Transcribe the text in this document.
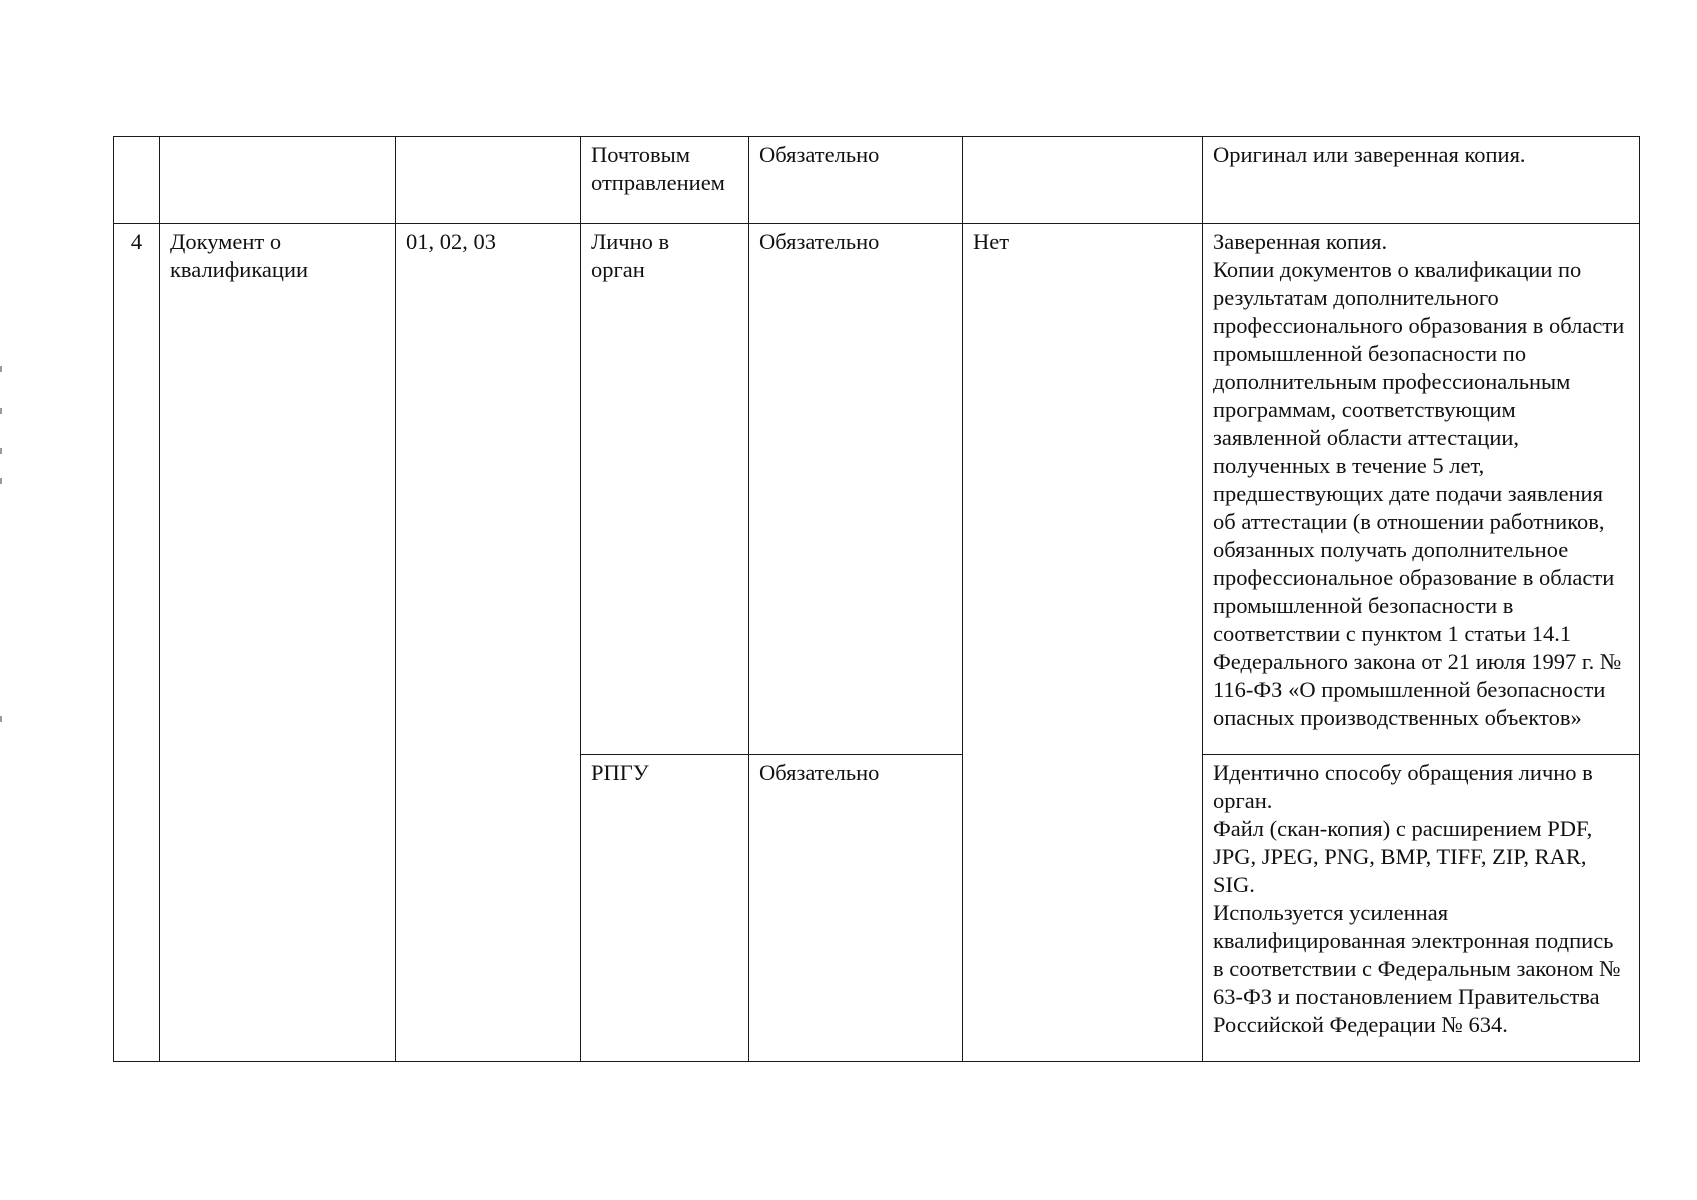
			Почтовым
отправлением	Обязательно		Оригинал или заверенная копия.
4	Документ о
квалификации	01, 02, 03	Лично в
орган	Обязательно	Нет	Заверенная копия.
Копии документов о квалификации по результатам дополнительного профессионального образования в области промышленной безопасности по дополнительным профессиональным программам, соответствующим заявленной области аттестации, полученных в течение 5 лет, предшествующих дате подачи заявления об аттестации (в отношении работников, обязанных получать дополнительное профессиональное образование в области промышленной безопасности в соответствии с пунктом 1 статьи 14.1 Федерального закона от 21 июля 1997 г. № 116-ФЗ «О промышленной безопасности опасных производственных объектов»
			РПГУ	Обязательно		Идентично способу обращения лично в орган.
Файл (скан-копия) с расширением PDF, JPG, JPEG, PNG, BMP, TIFF, ZIP, RAR, SIG.
Используется усиленная квалифицированная электронная подпись в соответствии с Федеральным законом № 63-ФЗ и постановлением Правительства Российской Федерации № 634.
